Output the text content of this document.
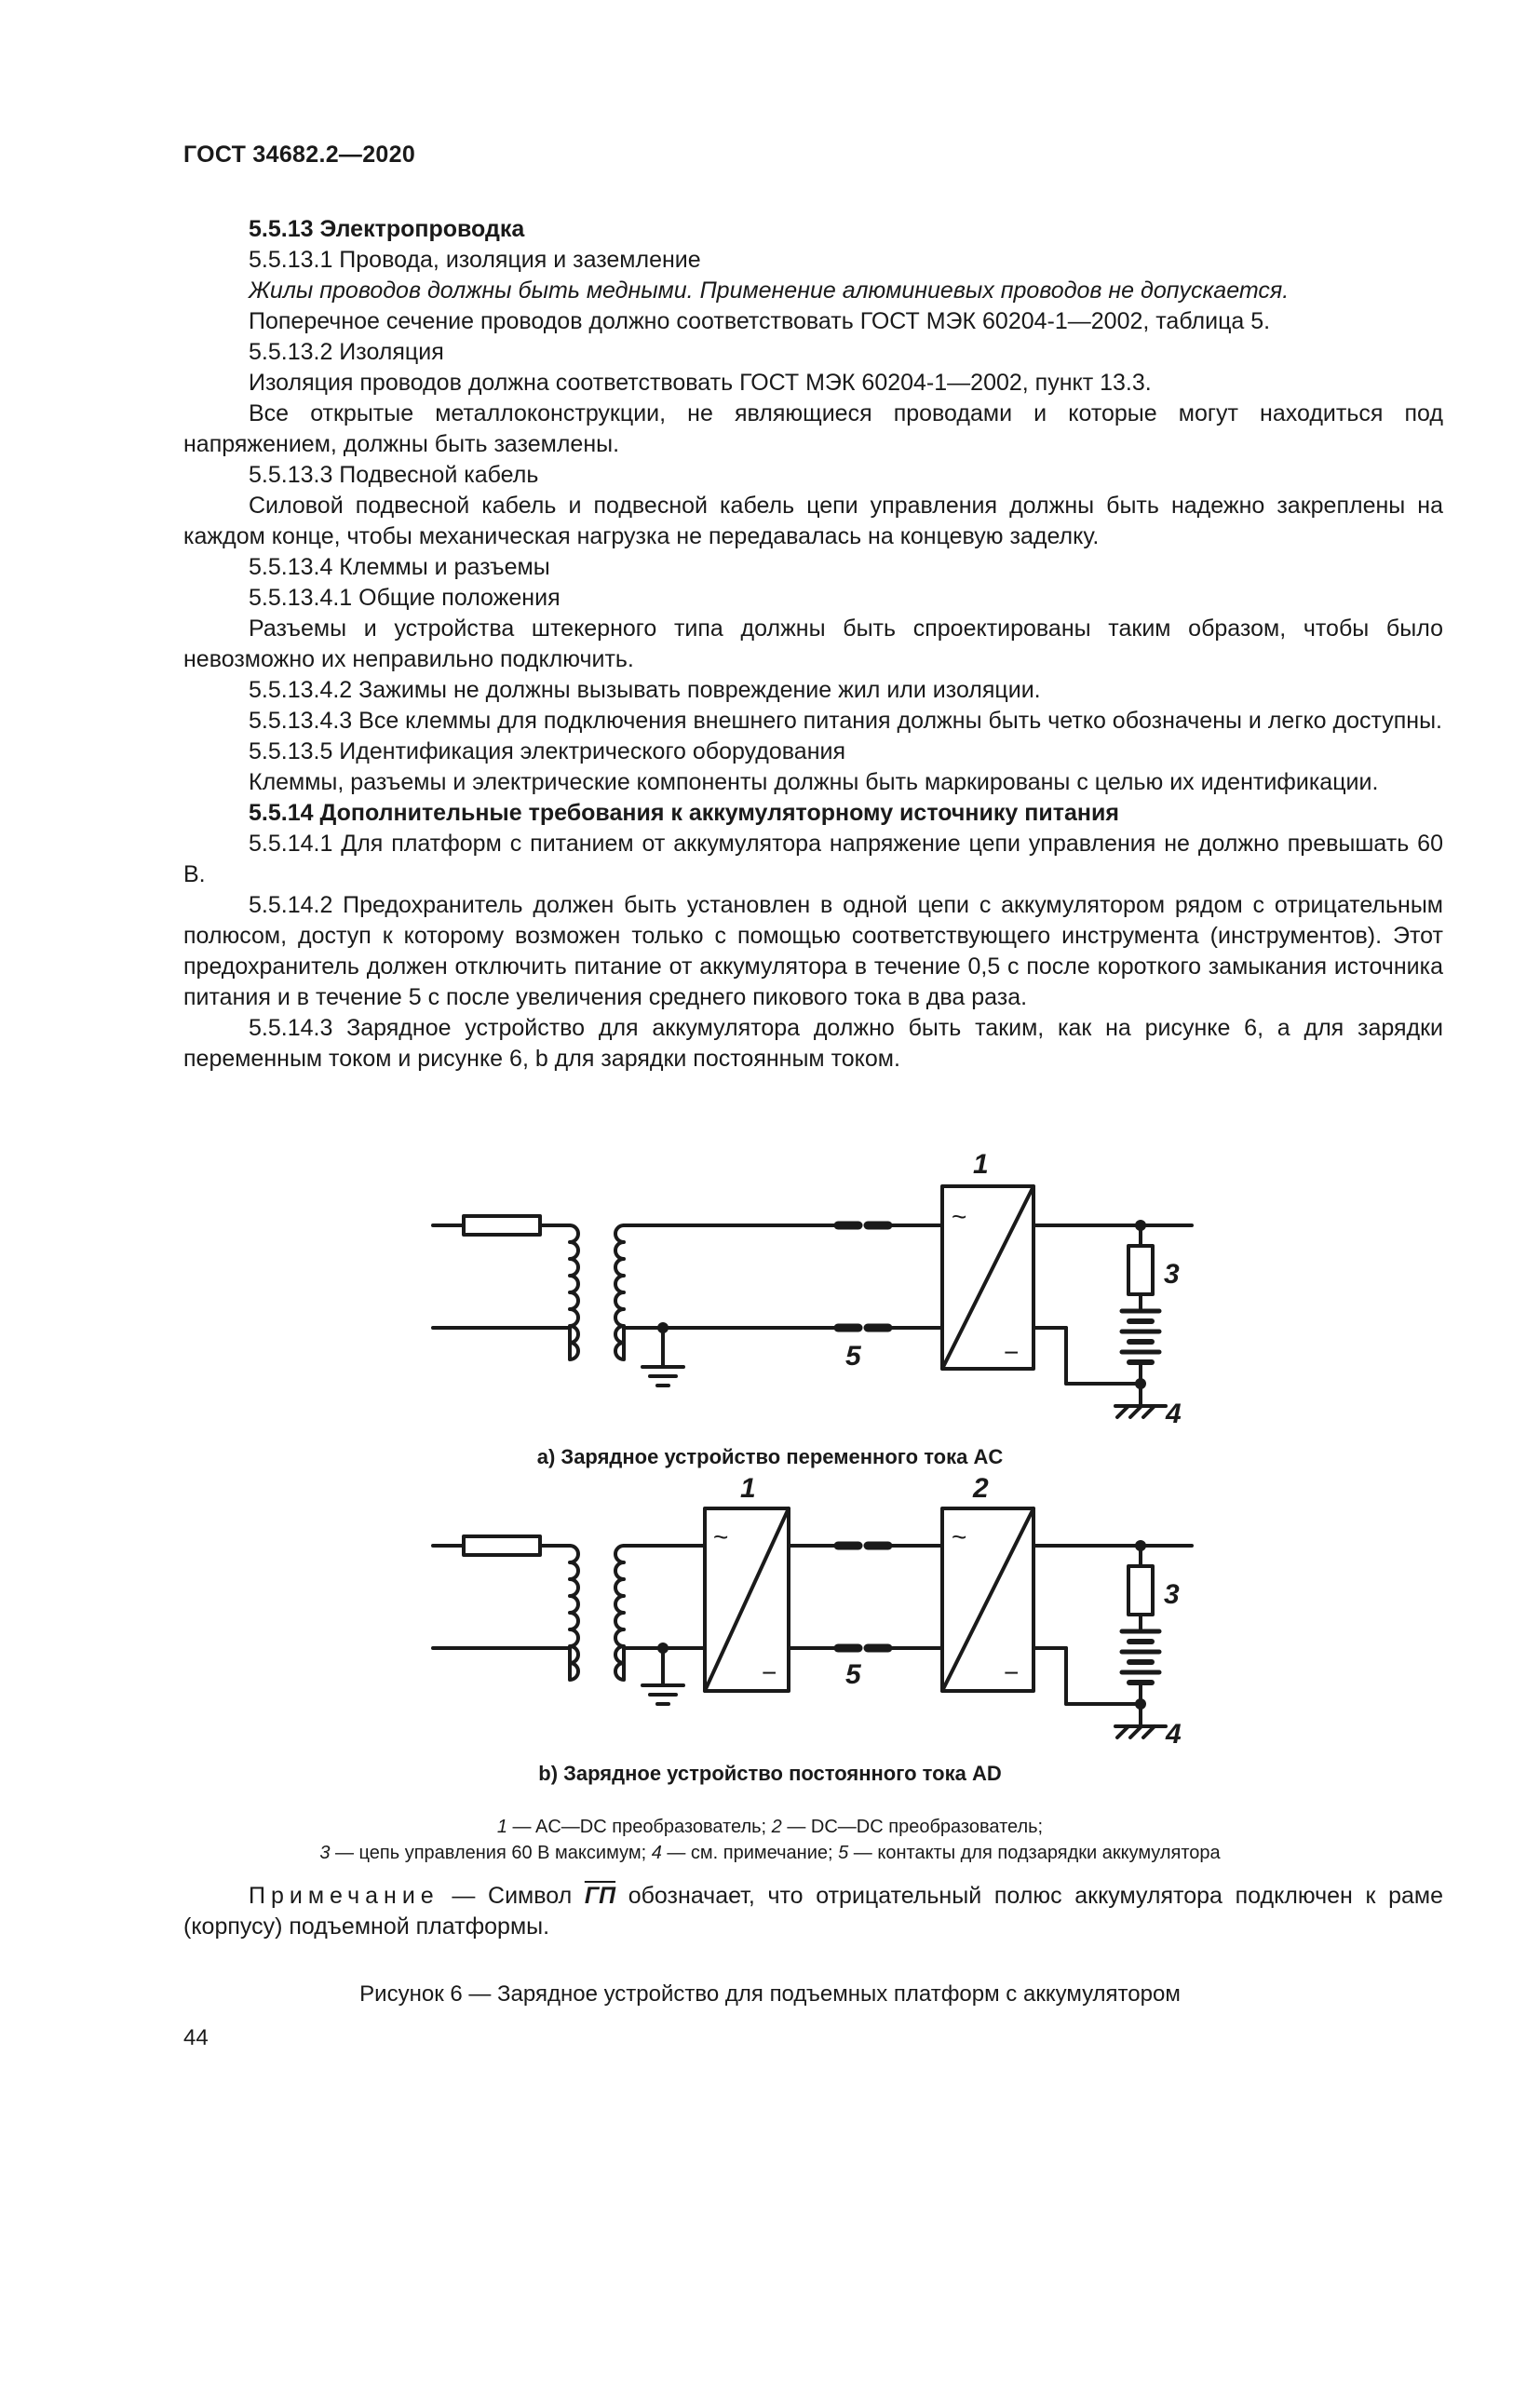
ГОСТ 34682.2—2020

5.5.13 Электропроводка

5.5.13.1 Провода, изоляция и заземление

Жилы проводов должны быть медными. Применение алюминиевых проводов не допускается.

Поперечное сечение проводов должно соответствовать ГОСТ МЭК 60204-1—2002, таблица 5.

5.5.13.2 Изоляция

Изоляция проводов должна соответствовать ГОСТ МЭК 60204-1—2002, пункт 13.3.

Все открытые металлоконструкции, не являющиеся проводами и которые могут находиться под напряжением, должны быть заземлены.

5.5.13.3 Подвесной кабель

Силовой подвесной кабель и подвесной кабель цепи управления должны быть надежно закреплены на каждом конце, чтобы механическая нагрузка не передавалась на концевую заделку.

5.5.13.4 Клеммы и разъемы

5.5.13.4.1 Общие положения

Разъемы и устройства штекерного типа должны быть спроектированы таким образом, чтобы было невозможно их неправильно подключить.

5.5.13.4.2 Зажимы не должны вызывать повреждение жил или изоляции.

5.5.13.4.3 Все клеммы для подключения внешнего питания должны быть четко обозначены и легко доступны.

5.5.13.5 Идентификация электрического оборудования

Клеммы, разъемы и электрические компоненты должны быть маркированы с целью их идентификации.

5.5.14 Дополнительные требования к аккумуляторному источнику питания

5.5.14.1 Для платформ с питанием от аккумулятора напряжение цепи управления не должно превышать 60 В.

5.5.14.2 Предохранитель должен быть установлен в одной цепи с аккумулятором рядом с отрицательным полюсом, доступ к которому возможен только с помощью соответствующего инструмента (инструментов). Этот предохранитель должен отключить питание от аккумулятора в течение 0,5 с после короткого замыкания источника питания и в течение 5 с после увеличения среднего пикового тока в два раза.

5.5.14.3 Зарядное устройство для аккумулятора должно быть таким, как на рисунке 6, а для зарядки переменным током и рисунке 6, b для зарядки постоянным током.

1
3
4
5
1	2
3
4
5
~
−
~
−
~
−
а) Зарядное устройство переменного тока AC
b) Зарядное устройство постоянного тока AD
1 — AC—DC преобразователь; 2 — DC—DC преобразователь;
3 — цепь управления 60 В максимум; 4 — см. примечание; 5 — контакты для подзарядки аккумулятора
Примечание — Символ $\overline{\Gamma\Pi}$ обозначает, что отрицательный полюс аккумулятора подключен к раме (корпусу) подъемной платформы.
Рисунок 6 — Зарядное устройство для подъемных платформ с аккумулятором
44
